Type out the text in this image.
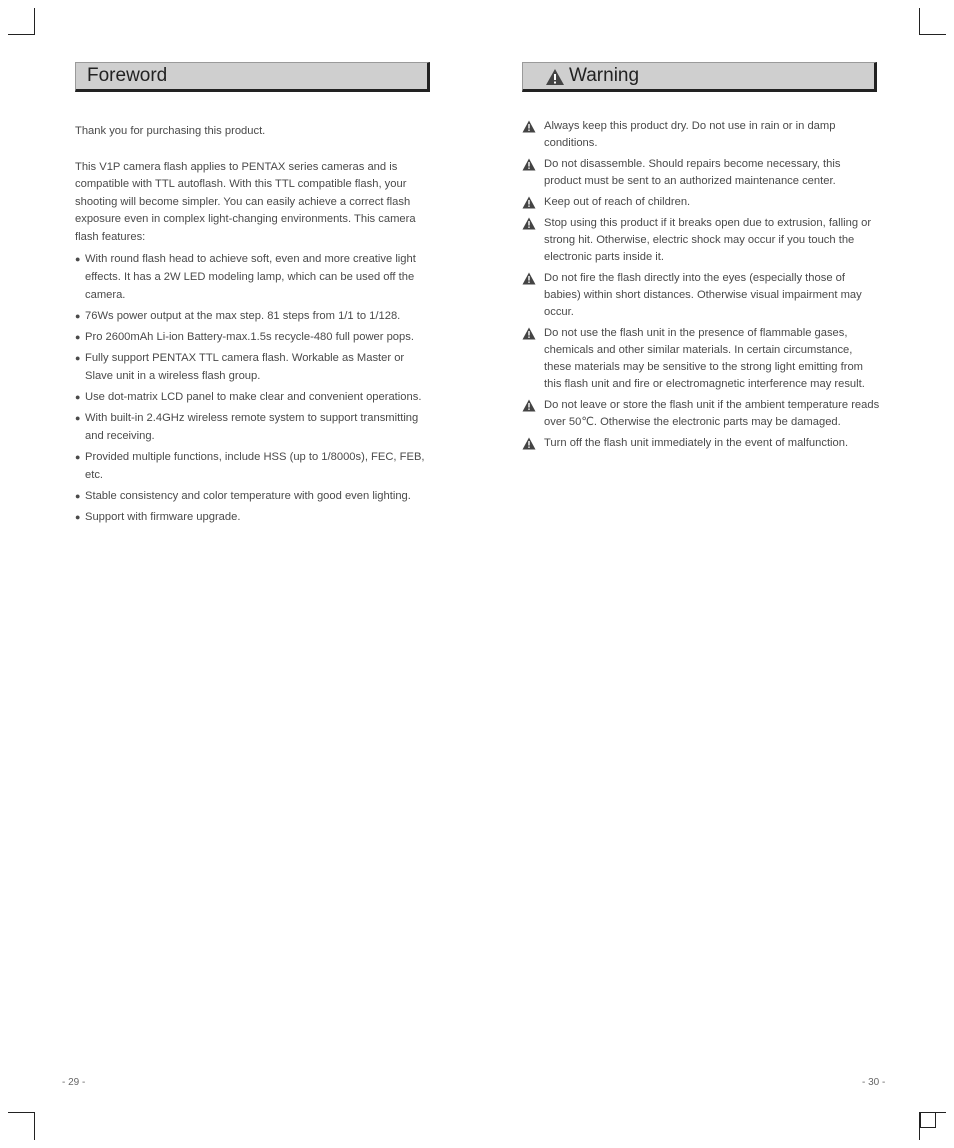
Foreword

Thank you for purchasing this product.

This V1P camera flash applies to PENTAX series cameras and is compatible with TTL autoflash. With this TTL compatible flash, your shooting will become simpler. You can easily achieve a correct flash exposure even in complex light-changing environments. This camera flash features:

● With round flash head to achieve soft, even and more creative light effects. It has a 2W LED modeling lamp, which can be used off the camera.
● 76Ws power output at the max step. 81 steps from 1/1 to 1/128.
● Pro 2600mAh Li-ion Battery-max.1.5s recycle-480 full power pops.
● Fully support PENTAX TTL camera flash. Workable as Master or Slave unit in a wireless flash group.
● Use dot-matrix LCD panel to make clear and convenient operations.
● With built-in 2.4GHz wireless remote system to support transmitting and receiving.
● Provided multiple functions, include HSS (up to 1/8000s), FEC, FEB, etc.
● Stable consistency and color temperature with good even lighting.
● Support with firmware upgrade.
Warning
Always keep this product dry. Do not use in rain or in damp conditions.
Do not disassemble. Should repairs become necessary, this product must be sent to an authorized maintenance center.
Keep out of reach of children.
Stop using this product if it breaks open due to extrusion, falling or strong hit. Otherwise, electric shock may occur if you touch the electronic parts inside it.
Do not fire the flash directly into the eyes (especially those of babies) within short distances. Otherwise visual impairment may occur.
Do not use the flash unit in the presence of flammable gases, chemicals and other similar materials. In certain circumstance, these materials may be sensitive to the strong light emitting from this flash unit and fire or electromagnetic interference may result.
Do not leave or store the flash unit if the ambient temperature reads over 50℃. Otherwise the electronic parts may be damaged.
Turn off the flash unit immediately in the event of malfunction.
- 29 -	- 30 -
